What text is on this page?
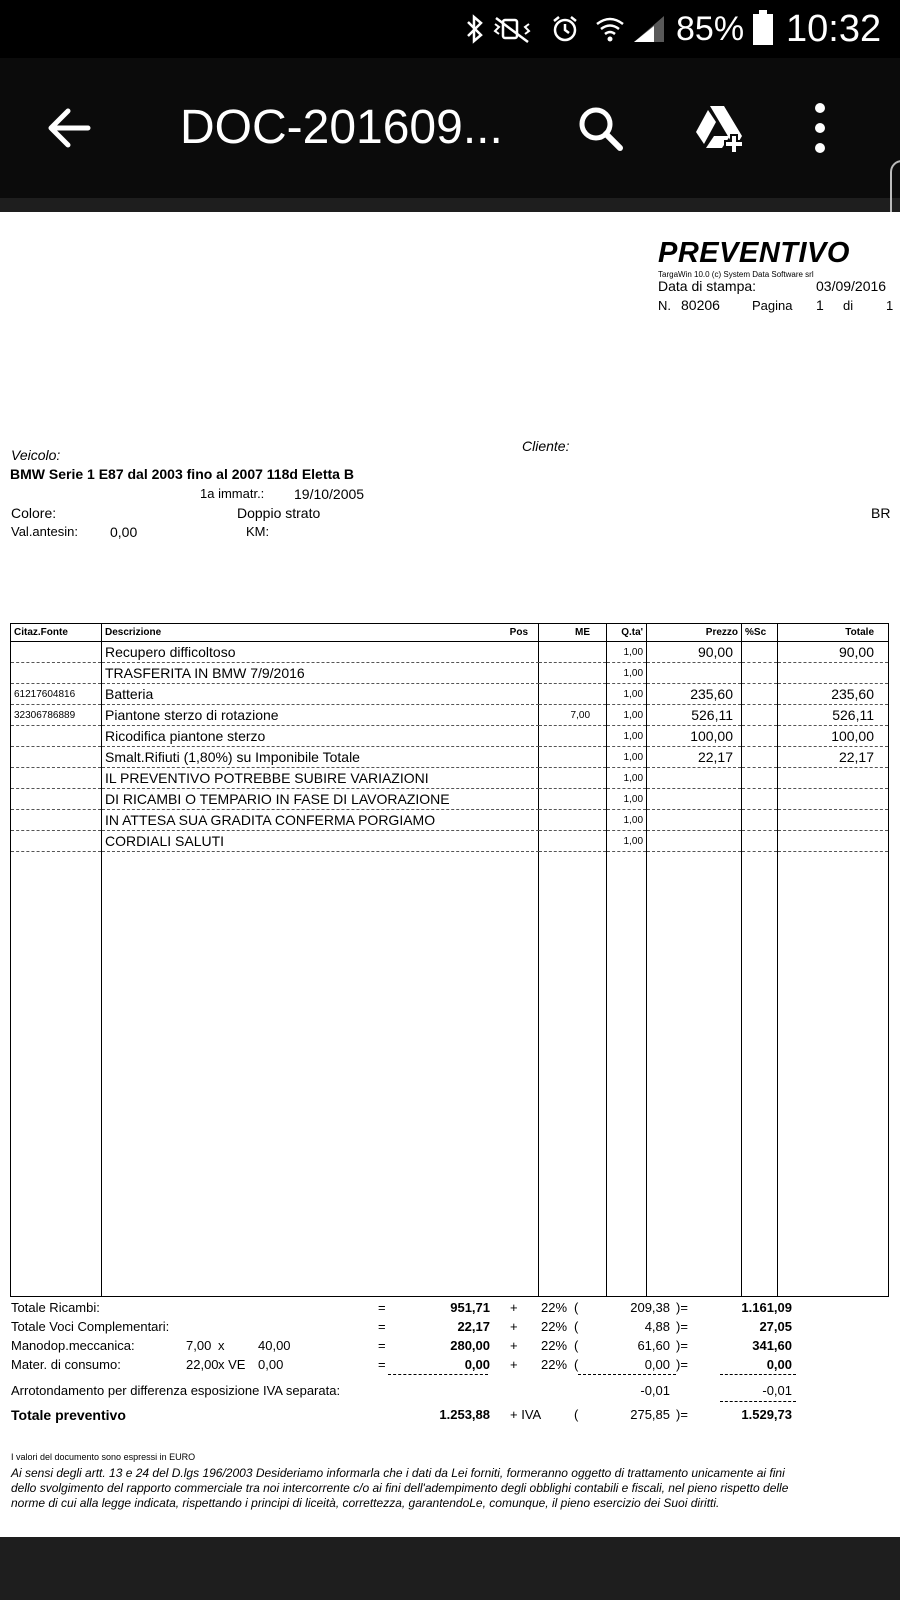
85% 10:32
DOC-201609...
PREVENTIVO
TargaWin 10.0 (c) System Data Software srl
Data di stampa:	03/09/2016
N. 80206 Pagina 1 di	1
Cliente:
Veicolo:
BMW Serie 1 E87 dal 2003 fino al 2007 118d Eletta B
1a immatr.: 19/10/2005
Colore:	Doppio strato	BR
Val.antesin: 0,00	KM:
Citaz.Fonte	Descrizione Pos	ME	Q.ta'	Prezzo	%Sc	Totale
	Recupero difficoltoso		1,00	90,00		90,00
	TRASFERITA IN BMW 7/9/2016		1,00			
61217604816	Batteria		1,00	235,60		235,60
32306786889	Piantone sterzo di rotazione	7,00	1,00	526,11		526,11
	Ricodifica piantone sterzo		1,00	100,00		100,00
	Smalt.Rifiuti (1,80%) su Imponibile Totale		1,00	22,17		22,17
	IL PREVENTIVO POTREBBE SUBIRE VARIAZIONI		1,00			
	DI RICAMBI O TEMPARIO IN FASE DI LAVORAZIONE		1,00			
	IN ATTESA SUA GRADITA CONFERMA PORGIAMO		1,00			
	CORDIALI SALUTI		1,00			

Totale Ricambi:	=	951,71 + 22% (	209,38 )=	1.161,09
Totale Voci Complementari:	=	22,17 + 22% (	4,88 )=	27,05
Manodop.meccanica:	7,00 x	40,00	=	280,00 + 22% (	61,60 )=	341,60
Mater. di consumo:	22,00 x VE 0,00	=	0,00 + 22% (	0,00 )=	0,00
Arrotondamento per differenza esposizione IVA separata:	-0,01	-0,01
Totale preventivo	1.253,88 + IVA	(	275,85 )=	1.529,73
I valori del documento sono espressi in EURO
Ai sensi degli artt. 13 e 24 del D.lgs 196/2003 Desideriamo informarla che i dati da Lei forniti, formeranno oggetto di trattamento unicamente ai fini
dello svolgimento del rapporto commerciale tra noi intercorrente c/o ai fini dell'adempimento degli obblighi contabili e fiscali, nel pieno rispetto delle
norme di cui alla legge indicata, rispettando i principi di liceità, correttezza, garantendoLe, comunque, il pieno esercizio dei Suoi diritti.
